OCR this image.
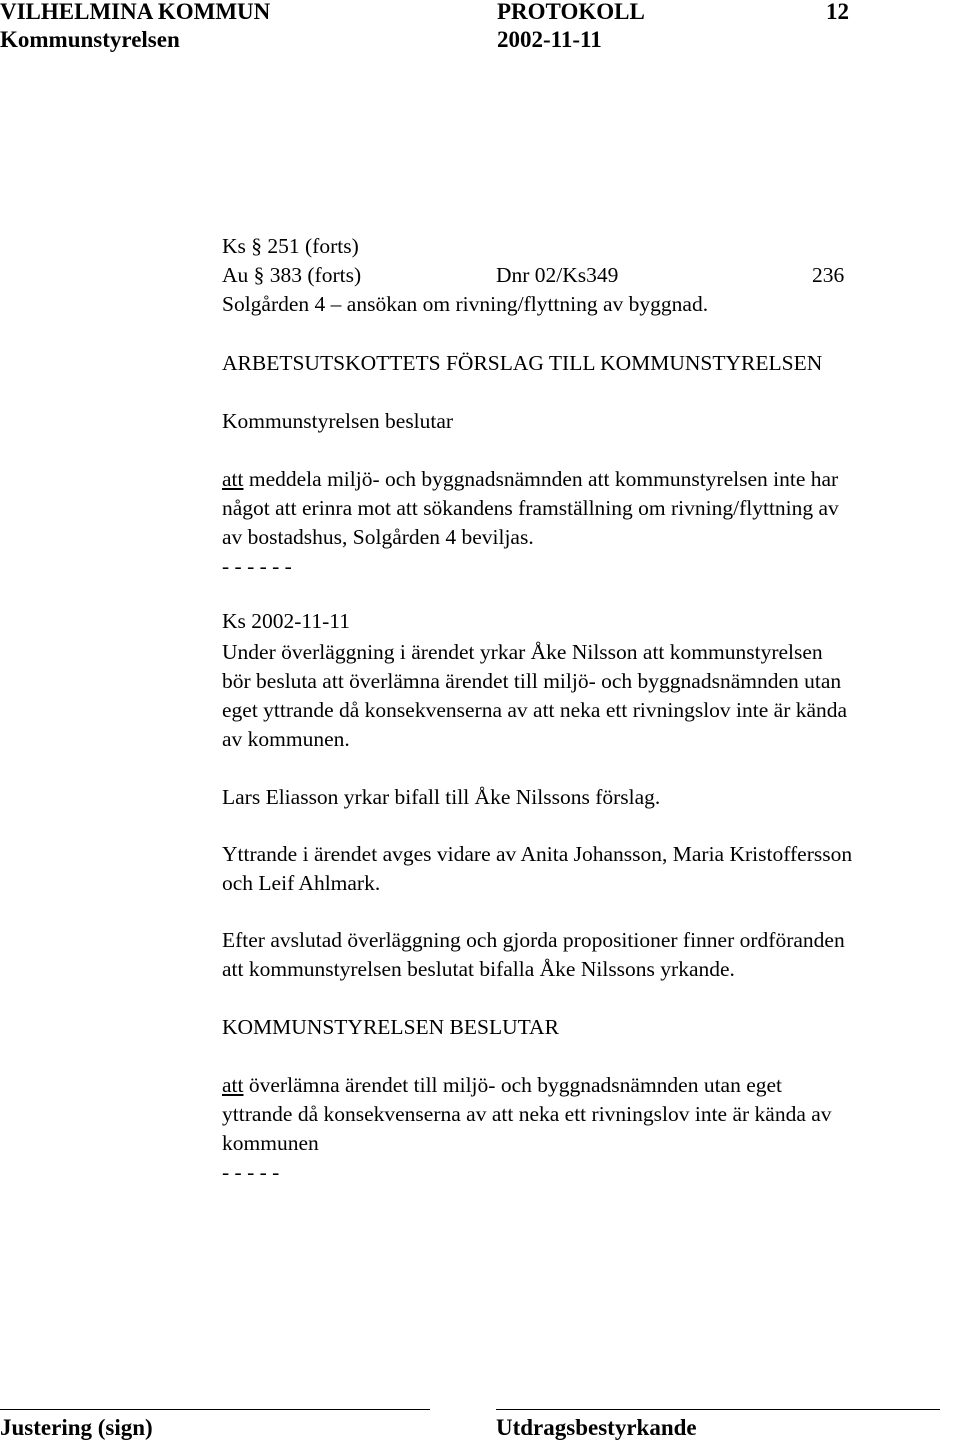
VILHELMINA KOMMUN	PROTOKOLL	12
Kommunstyrelsen	2002-11-11
Ks § 251 (forts)
Au § 383 (forts)	Dnr 02/Ks349	236
Solgården 4 – ansökan om rivning/flyttning av byggnad.
ARBETSUTSKOTTETS FÖRSLAG TILL KOMMUNSTYRELSEN
Kommunstyrelsen beslutar
att meddela miljö- och byggnadsnämnden att kommunstyrelsen inte har
något att erinra mot att sökandens framställning om rivning/flyttning av
av bostadshus, Solgården 4 beviljas.
- - - - - -
Ks 2002-11-11
Under överläggning i ärendet yrkar Åke Nilsson att kommunstyrelsen
bör besluta att överlämna ärendet till miljö- och byggnadsnämnden utan
eget yttrande då konsekvenserna av att neka ett rivningslov inte är kända
av kommunen.
Lars Eliasson yrkar bifall till Åke Nilssons förslag.
Yttrande i ärendet avges vidare av Anita Johansson, Maria Kristoffersson
och Leif Ahlmark.
Efter avslutad överläggning och gjorda propositioner finner ordföranden
att kommunstyrelsen beslutat bifalla Åke Nilssons yrkande.
KOMMUNSTYRELSEN BESLUTAR
att överlämna ärendet till miljö- och byggnadsnämnden utan eget
yttrande då konsekvenserna av att neka ett rivningslov inte är kända av
kommunen
- - - - -
Justering (sign)	Utdragsbestyrkande
